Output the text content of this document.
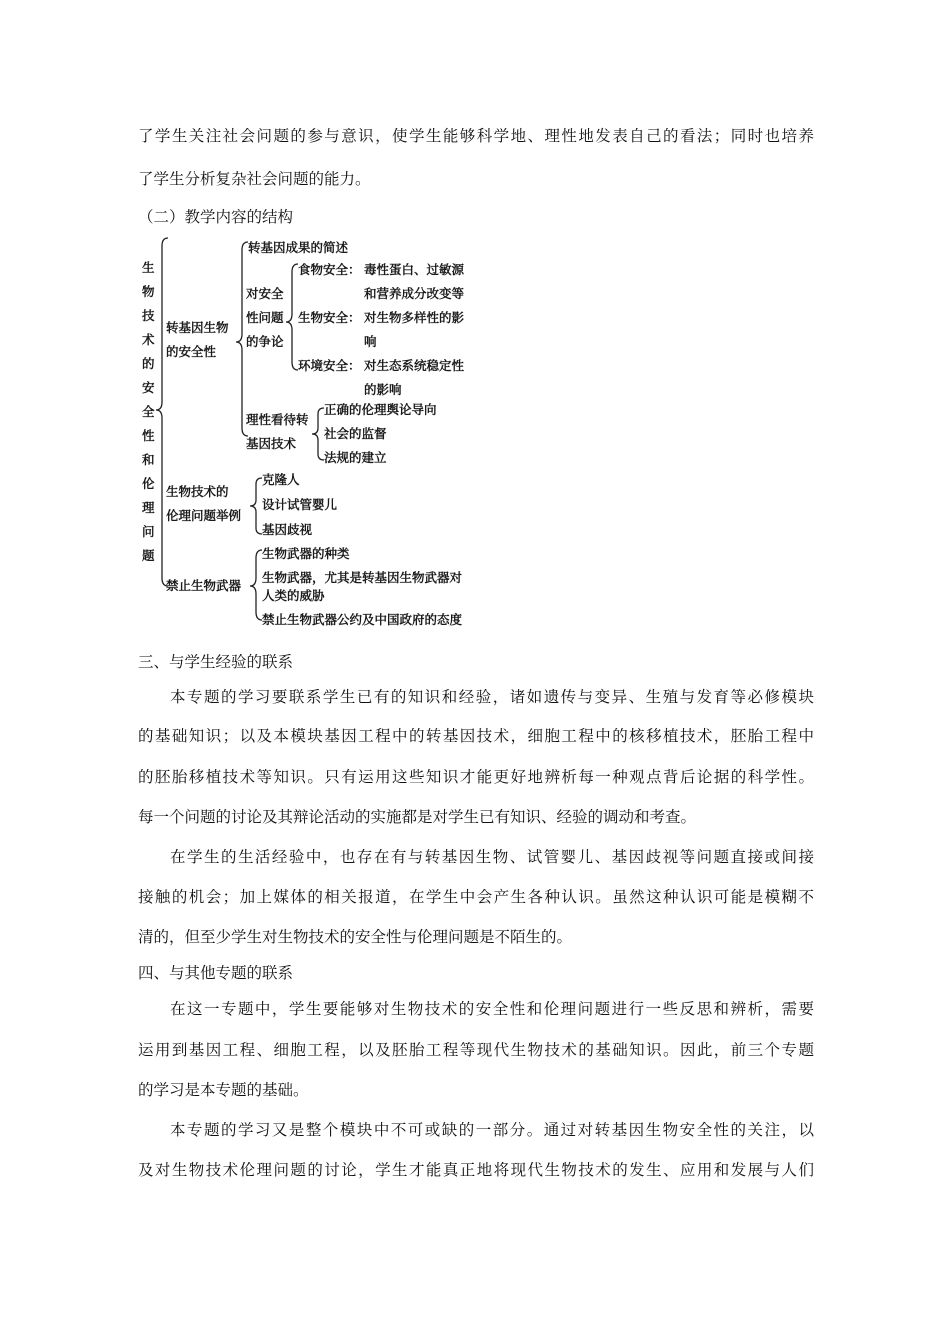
了学生关注社会问题的参与意识，使学生能够科学地、理性地发表自己的看法；同时也培养
了学生分析复杂社会问题的能力。
（二）教学内容的结构
生
物
技
术
的
安
全
性
和
伦
理
问
题
转基因生物
的安全性
转基因成果的简述
对安全
性问题
的争论
食物安全： 毒性蛋白、过敏源
和营养成分改变等
生物安全： 对生物多样性的影
响
环境安全： 对生态系统稳定性
的影响
理性看待转
基因技术
正确的伦理舆论导向
社会的监督
法规的建立
生物技术的
伦理问题举例
克隆人
设计试管婴儿
基因歧视
禁止生物武器
生物武器的种类
生物武器，尤其是转基因生物武器对
人类的威胁
禁止生物武器公约及中国政府的态度
三、与学生经验的联系
本专题的学习要联系学生已有的知识和经验，诸如遗传与变异、生殖与发育等必修模块
的基础知识；以及本模块基因工程中的转基因技术，细胞工程中的核移植技术，胚胎工程中
的胚胎移植技术等知识。只有运用这些知识才能更好地辨析每一种观点背后论据的科学性。
每一个问题的讨论及其辩论活动的实施都是对学生已有知识、经验的调动和考查。
在学生的生活经验中，也存在有与转基因生物、试管婴儿、基因歧视等问题直接或间接
接触的机会；加上媒体的相关报道，在学生中会产生各种认识。虽然这种认识可能是模糊不
清的，但至少学生对生物技术的安全性与伦理问题是不陌生的。
四、与其他专题的联系
在这一专题中，学生要能够对生物技术的安全性和伦理问题进行一些反思和辨析，需要
运用到基因工程、细胞工程，以及胚胎工程等现代生物技术的基础知识。因此，前三个专题
的学习是本专题的基础。
本专题的学习又是整个模块中不可或缺的一部分。通过对转基因生物安全性的关注，以
及对生物技术伦理问题的讨论，学生才能真正地将现代生物技术的发生、应用和发展与人们
